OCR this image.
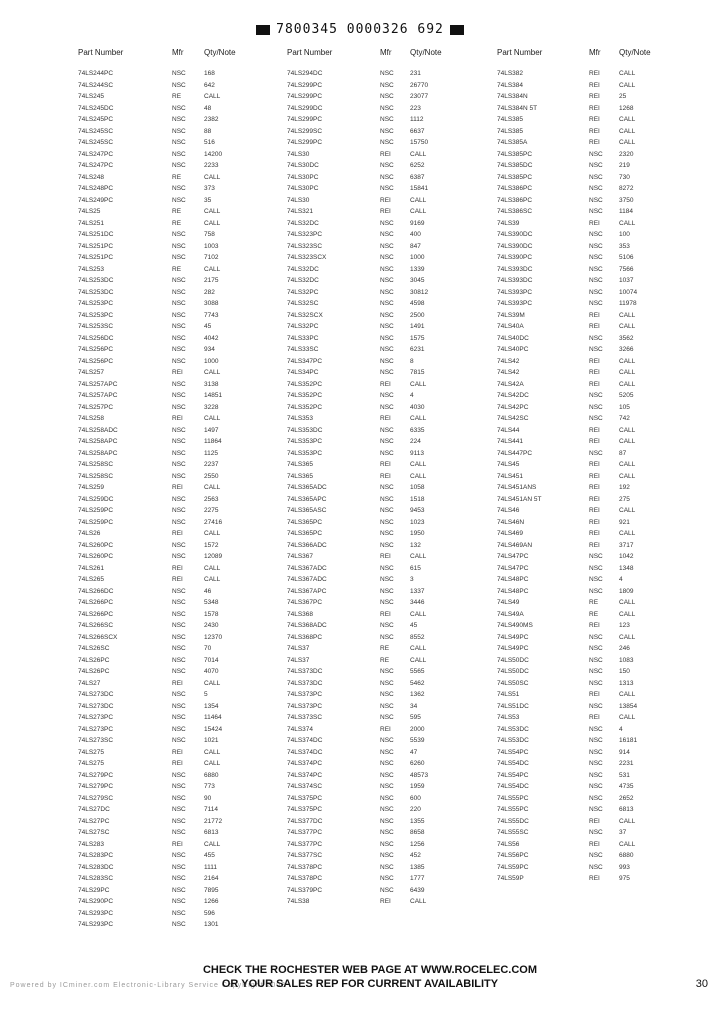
7800345 0000326 692
Part Number	Mfr	Qty/Note
74LS244PC	NSC	168
74LS244SC	NSC	642
74LS245	RE	CALL
74LS245DC	NSC	48
74LS245PC	NSC	2382
74LS245SC	NSC	88
74LS245SC	NSC	516
74LS247PC	NSC	14200
74LS247PC	NSC	2233
74LS248	RE	CALL
74LS248PC	NSC	373
74LS249PC	NSC	35
74LS25	RE	CALL
74LS251	RE	CALL
74LS251DC	NSC	758
74LS251PC	NSC	1003
74LS251PC	NSC	7102
74LS253	RE	CALL
74LS253DC	NSC	2175
74LS253DC	NSC	282
74LS253PC	NSC	3088
74LS253PC	NSC	7743
74LS253SC	NSC	45
74LS256DC	NSC	4042
74LS256PC	NSC	934
74LS256PC	NSC	1000
74LS257	REI	CALL
74LS257APC	NSC	3138
74LS257APC	NSC	14851
74LS257PC	NSC	3228
74LS258	REI	CALL
74LS258ADC	NSC	1497
74LS258APC	NSC	11864
74LS258APC	NSC	1125
74LS258SC	NSC	2237
74LS258SC	NSC	2550
74LS259	REI	CALL
74LS259DC	NSC	2563
74LS259PC	NSC	2275
74LS259PC	NSC	27416
74LS26	REI	CALL
74LS260PC	NSC	1572
74LS260PC	NSC	12089
74LS261	REI	CALL
74LS265	REI	CALL
74LS266DC	NSC	46
74LS266PC	NSC	5348
74LS266PC	NSC	1578
74LS266SC	NSC	2430
74LS266SCX	NSC	12370
74LS26SC	NSC	70
74LS26PC	NSC	7014
74LS26PC	NSC	4070
74LS27	REI	CALL
74LS273DC	NSC	5
74LS273DC	NSC	1354
74LS273PC	NSC	11464
74LS273PC	NSC	15424
74LS273SC	NSC	1021
74LS275	REI	CALL
74LS275	REI	CALL
74LS279PC	NSC	6880
74LS279PC	NSC	773
74LS279SC	NSC	90
74LS27DC	NSC	7114
74LS27PC	NSC	21772
74LS27SC	NSC	6813
74LS283	REI	CALL
74LS283PC	NSC	455
74LS283DC	NSC	1111
74LS283SC	NSC	2164
74LS29PC	NSC	7895
74LS290PC	NSC	1266
74LS293PC	NSC	596
74LS293PC	NSC	1301
Part Number	Mfr Qty/Note
74LS294DC	NSC	231
74LS299PC	NSC	26770
74LS299PC	NSC	23077
74LS299DC	NSC	223
74LS299PC	NSC	1112
74LS299SC	NSC	6637
74LS299PC	NSC	15750
74LS30	REI	CALL
74LS30DC	NSC	6252
74LS30PC	NSC	6387
74LS30PC	NSC	15841
74LS30	REI	CALL
74LS321	REI	CALL
74LS32DC	NSC	9169
74LS323PC	NSC	400
74LS323SC	NSC	847
74LS323SCX	NSC	1000
74LS32DC	NSC	1339
74LS32DC	NSC	3045
74LS32PC	NSC	30812
74LS32SC	NSC	4598
74LS32SCX	NSC	2500
74LS32PC	NSC	1491
74LS33PC	NSC	1575
74LS33SC	NSC	6231
74LS347PC	NSC	8
74LS34PC	NSC	7815
74LS352PC	REI	CALL
74LS352PC	NSC	4
74LS352PC	NSC	4030
74LS353	REI	CALL
74LS353DC	NSC	6335
74LS353PC	NSC	224
74LS353PC	NSC	9113
74LS365	REI	CALL
74LS365	REI	CALL
74LS365ADC	NSC	1058
74LS365APC	NSC	1518
74LS365ASC	NSC	9453
74LS365PC	NSC	1023
74LS365PC	NSC	1950
74LS366ADC	NSC	132
74LS367	REI	CALL
74LS367ADC	NSC	615
74LS367ADC	NSC	3
74LS367APC	NSC	1337
74LS367PC	NSC	3446
74LS368	REI	CALL
74LS368ADC	NSC	45
74LS368PC	NSC	8552
74LS37	RE	CALL
74LS37	RE	CALL
74LS373DC	NSC	5565
74LS373DC	NSC	5462
74LS373PC	NSC	1362
74LS373PC	NSC	34
74LS373SC	NSC	595
74LS374	REI	2000
74LS374DC	NSC	5539
74LS374DC	NSC	47
74LS374PC	NSC	6260
74LS374PC	NSC	48573
74LS374SC	NSC	1959
74LS375PC	NSC	600
74LS375PC	NSC	220
74LS377DC	NSC	1355
74LS377PC	NSC	8658
74LS377PC	NSC	1256
74LS377SC	NSC	452
74LS378PC	NSC	1385
74LS378PC	NSC	1777
74LS379PC	NSC	6439
74LS38	REI	CALL
Part Number	Mfr Qty/Note
74LS382	REI	CALL
74LS384	REI	CALL
74LS384N	REI	25
74LS384N 5T	REI	1268
74LS385	REI	CALL
74LS385	REI	CALL
74LS385A	REI	CALL
74LS385PC	NSC	2320
74LS385DC	NSC	219
74LS385PC	NSC	730
74LS386PC	NSC	8272
74LS386PC	NSC	3750
74LS386SC	NSC	1184
74LS39	REI	CALL
74LS390DC	NSC	100
74LS390DC	NSC	353
74LS390PC	NSC	5106
74LS393DC	NSC	7566
74LS393DC	NSC	1037
74LS393PC	NSC	10074
74LS393PC	NSC	11978
74LS39M	REI	CALL
74LS40A	REI	CALL
74LS40DC	NSC	3562
74LS40PC	NSC	3266
74LS42	REI	CALL
74LS42	REI	CALL
74LS42A	REI	CALL
74LS42DC	NSC	5205
74LS42PC	NSC	105
74LS42SC	NSC	742
74LS44	REI	CALL
74LS441	REI	CALL
74LS447PC	NSC	87
74LS45	REI	CALL
74LS451	REI	CALL
74LS451ANS	REI	192
74LS451AN 5T	REI	275
74LS46	REI	CALL
74LS46N	REI	921
74LS469	REI	CALL
74LS469AN	REI	3717
74LS47PC	NSC	1042
74LS47PC	NSC	1348
74LS48PC	NSC	4
74LS48PC	NSC	1809
74LS49	RE	CALL
74LS49A	RE	CALL
74LS490MS	REI	123
74LS49PC	NSC	CALL
74LS49PC	NSC	246
74LS50DC	NSC	1083
74LS50DC	NSC	150
74LS50SC	NSC	1313
74LS51	REI	CALL
74LS51DC	NSC	13854
74LS53	REI	CALL
74LS53DC	NSC	4
74LS53DC	NSC	16181
74LS54PC	NSC	914
74LS54DC	NSC	2231
74LS54PC	NSC	531
74LS54DC	NSC	4735
74LS55PC	NSC	2652
74LS55PC	NSC	6813
74LS55DC	REI	CALL
74LS55SC	NSC	37
74LS56	REI	CALL
74LS56PC	NSC	6880
74LS59PC	NSC	993
74LS59P	REI	975
CHECK THE ROCHESTER WEB PAGE AT WWW.ROCELEC.COM
Powered by ICminer.com Electronic-Library Service CopyRight 2003
OR YOUR SALES REP FOR CURRENT AVAILABILITY	30
